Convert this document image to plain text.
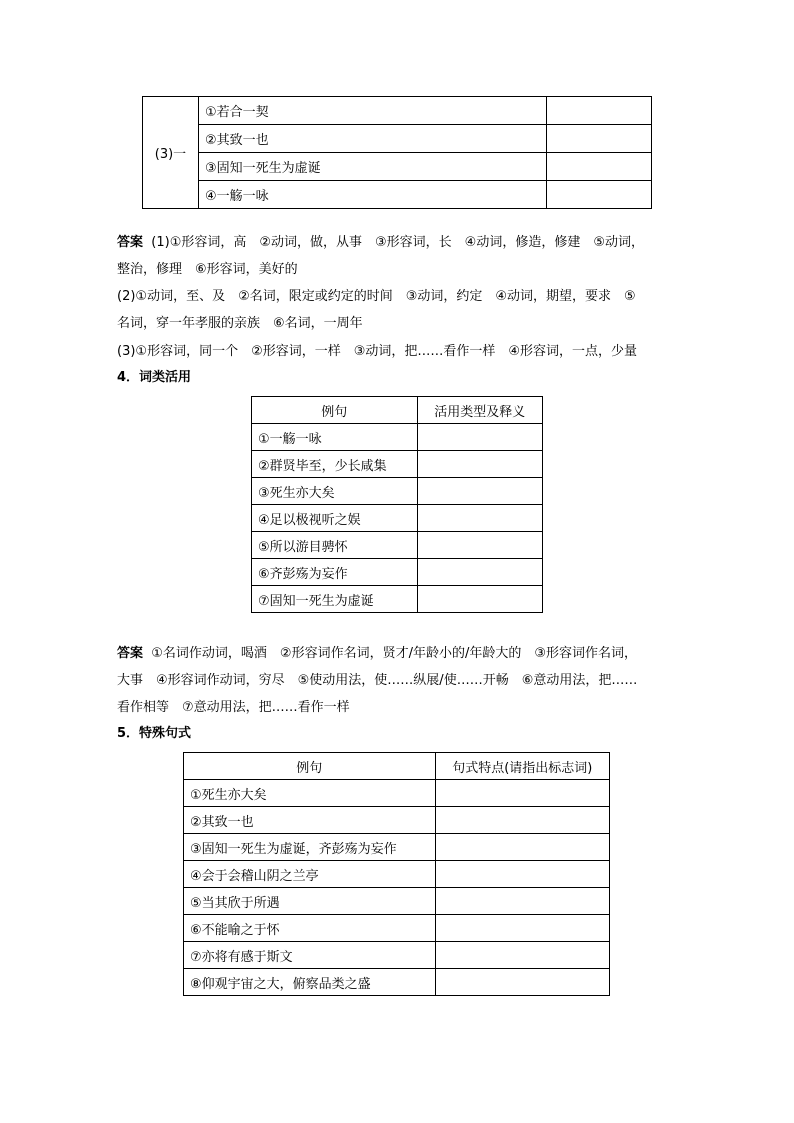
(3)一	①若合一契	
	②其致一也	
	③固知一死生为虚诞	
	④一觞一咏	

答案 (1)①形容词，高　②动词，做，从事　③形容词，长　④动词，修造，修建　⑤动词，

整治，修理　⑥形容词，美好的

(2)①动词，至、及　②名词，限定或约定的时间　③动词，约定　④动词，期望，要求　⑤

名词，穿一年孝服的亲族　⑥名词，一周年

(3)①形容词，同一个　②形容词，一样　③动词，把……看作一样　④形容词，一点，少量

4．词类活用

例句	活用类型及释义
①一觞一咏	
②群贤毕至，少长咸集	
③死生亦大矣	
④足以极视听之娱	
⑤所以游目骋怀	
⑥齐彭殇为妄作	
⑦固知一死生为虚诞	

答案 ①名词作动词，喝酒　②形容词作名词，贤才/年龄小的/年龄大的　③形容词作名词，

大事　④形容词作动词，穷尽　⑤使动用法，使……纵展/使……开畅　⑥意动用法，把……

看作相等　⑦意动用法，把……看作一样

5．特殊句式

例句	句式特点(请指出标志词)
①死生亦大矣	
②其致一也	
③固知一死生为虚诞，齐彭殇为妄作	
④会于会稽山阴之兰亭	
⑤当其欣于所遇	
⑥不能喻之于怀	
⑦亦将有感于斯文	
⑧仰观宇宙之大，俯察品类之盛	
